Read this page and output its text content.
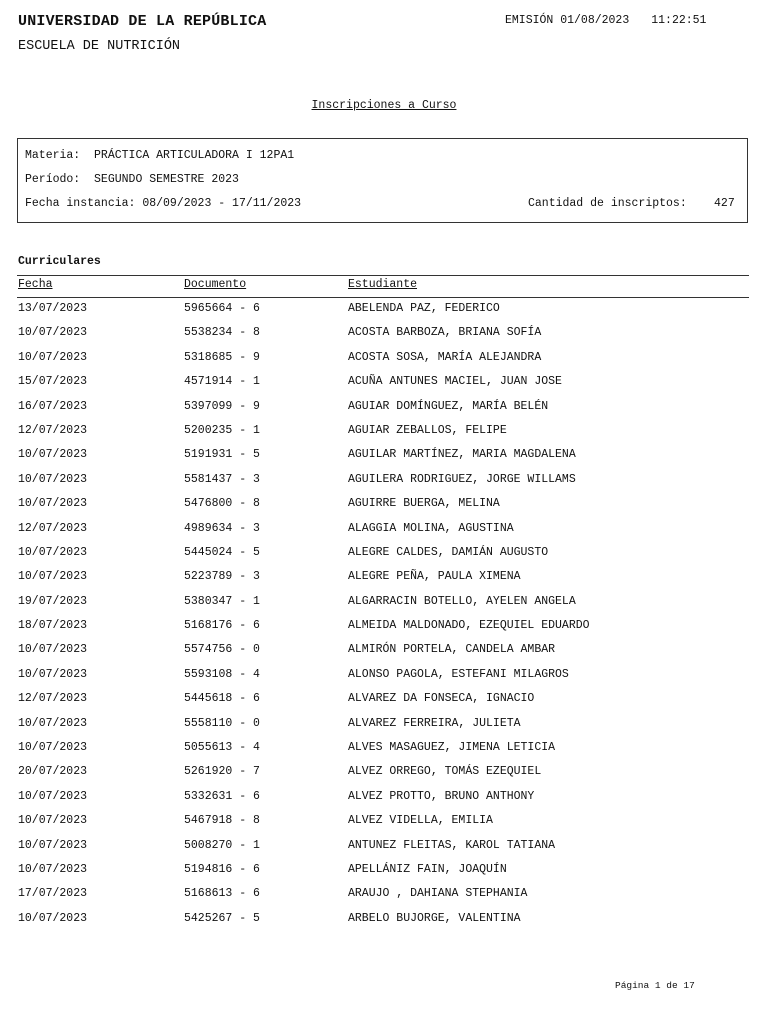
UNIVERSIDAD DE LA REPÚBLICA
ESCUELA DE NUTRICIÓN
EMISIÓN 01/08/2023 11:22:51
Inscripciones a Curso
Materia: PRÁCTICA ARTICULADORA I 12PA1
Período: SEGUNDO SEMESTRE 2023
Fecha instancia: 08/09/2023 - 17/11/2023	Cantidad de inscriptos: 427
Curriculares
Fecha	Documento	Estudiante
13/07/2023	5965664 - 6	ABELENDA PAZ, FEDERICO
10/07/2023	5538234 - 8	ACOSTA BARBOZA, BRIANA SOFÍA
10/07/2023	5318685 - 9	ACOSTA SOSA, MARÍA ALEJANDRA
15/07/2023	4571914 - 1	ACUÑA ANTUNES MACIEL, JUAN JOSE
16/07/2023	5397099 - 9	AGUIAR DOMÍNGUEZ, MARÍA BELÉN
12/07/2023	5200235 - 1	AGUIAR ZEBALLOS, FELIPE
10/07/2023	5191931 - 5	AGUILAR MARTÍNEZ, MARIA MAGDALENA
10/07/2023	5581437 - 3	AGUILERA RODRIGUEZ, JORGE WILLAMS
10/07/2023	5476800 - 8	AGUIRRE BUERGA, MELINA
12/07/2023	4989634 - 3	ALAGGIA MOLINA, AGUSTINA
10/07/2023	5445024 - 5	ALEGRE CALDES, DAMIÁN AUGUSTO
10/07/2023	5223789 - 3	ALEGRE PEÑA, PAULA XIMENA
19/07/2023	5380347 - 1	ALGARRACIN BOTELLO, AYELEN ANGELA
18/07/2023	5168176 - 6	ALMEIDA MALDONADO, EZEQUIEL EDUARDO
10/07/2023	5574756 - 0	ALMIRÓN PORTELA, CANDELA AMBAR
10/07/2023	5593108 - 4	ALONSO PAGOLA, ESTEFANI MILAGROS
12/07/2023	5445618 - 6	ALVAREZ DA FONSECA, IGNACIO
10/07/2023	5558110 - 0	ALVAREZ FERREIRA, JULIETA
10/07/2023	5055613 - 4	ALVES MASAGUEZ, JIMENA LETICIA
20/07/2023	5261920 - 7	ALVEZ ORREGO, TOMÁS EZEQUIEL
10/07/2023	5332631 - 6	ALVEZ PROTTO, BRUNO ANTHONY
10/07/2023	5467918 - 8	ALVEZ VIDELLA, EMILIA
10/07/2023	5008270 - 1	ANTUNEZ FLEITAS, KAROL TATIANA
10/07/2023	5194816 - 6	APELLÁNIZ FAIN, JOAQUÍN
17/07/2023	5168613 - 6	ARAUJO , DAHIANA STEPHANIA
10/07/2023	5425267 - 5	ARBELO BUJORGE, VALENTINA
Página 1 de 17
